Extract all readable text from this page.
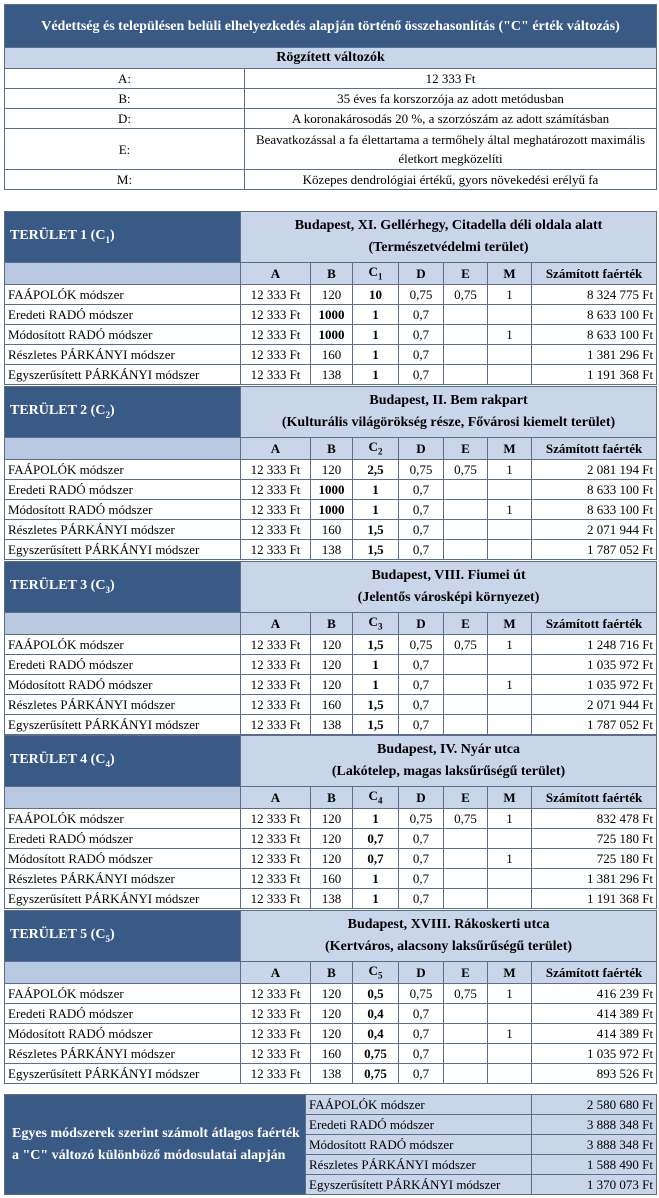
Védettség és településen belüli elhelyezkedés alapján történő összehasonlítás ("C" érték változás)	
Rögzített változók	
A:	12 333 Ft
B:	35 éves fa korszorzója az adott metódusban
D:	A koronakárosodás 20 %, a szorzószám az adott számításban
E:	Beavatkozással a fa élettartama a termőhely által meghatározott maximális életkort megközelíti
M:	Közepes dendrológiai értékű, gyors növekedési erélyű fa
TERÜLET 1 $(C_1)$	Budapest, XI. Gellérhegy, Citadella déli oldala alatt
(Természetvédelmi terület)						

	A	B	$C_1$	D	E	M	Számított faérték
FAÁPOLÓK módszer	12 333 Ft	120	10	0,75	0,75	1	8 324 775 Ft
Eredeti RADÓ módszer	12 333 Ft	1000	1	0,7			8 633 100 Ft
Módosított RADÓ módszer	12 333 Ft	1000	1	0,7		1	8 633 100 Ft
Részletes PÁRKÁNYI módszer	12 333 Ft	160	1	0,7			1 381 296 Ft
Egyszerűsített PÁRKÁNYI módszer	12 333 Ft	138	1	0,7			1 191 368 Ft
TERÜLET 2 $(C_2)$	Budapest, II. Bem rakpart
(Kulturális világörökség része, Fővárosi kiemelt terület)						

	A	B	$C_2$	D	E	M	Számított faérték
FAÁPOLÓK módszer	12 333 Ft	120	2,5	0,75	0,75	1	2 081 194 Ft
Eredeti RADÓ módszer	12 333 Ft	1000	1	0,7			8 633 100 Ft
Módosított RADÓ módszer	12 333 Ft	1000	1	0,7		1	8 633 100 Ft
Részletes PÁRKÁNYI módszer	12 333 Ft	160	1,5	0,7			2 071 944 Ft
Egyszerűsített PÁRKÁNYI módszer	12 333 Ft	138	1,5	0,7			1 787 052 Ft
TERÜLET 3 $(C_3)$	Budapest, VIII. Fiumei út
(Jelentős városképi környezet)						

	A	B	$C_3$	D	E	M	Számított faérték
FAÁPOLÓK módszer	12 333 Ft	120	1,5	0,75	0,75	1	1 248 716 Ft
Eredeti RADÓ módszer	12 333 Ft	120	1	0,7			1 035 972 Ft
Módosított RADÓ módszer	12 333 Ft	120	1	0,7		1	1 035 972 Ft
Részletes PÁRKÁNYI módszer	12 333 Ft	160	1,5	0,7			2 071 944 Ft
Egyszerűsített PÁRKÁNYI módszer	12 333 Ft	138	1,5	0,7			1 787 052 Ft
TERÜLET 4 $(C_4)$	Budapest, IV. Nyár utca
(Lakótelep, magas laksűrűségű terület)						

	A	B	$C_4$	D	E	M	Számított faérték
FAÁPOLÓK módszer	12 333 Ft	120	1	0,75	0,75	1	832 478 Ft
Eredeti RADÓ módszer	12 333 Ft	120	0,7	0,7			725 180 Ft
Módosított RADÓ módszer	12 333 Ft	120	0,7	0,7		1	725 180 Ft
Részletes PÁRKÁNYI módszer	12 333 Ft	160	1	0,7			1 381 296 Ft
Egyszerűsített PÁRKÁNYI módszer	12 333 Ft	138	1	0,7			1 191 368 Ft
TERÜLET 5 $(C_5)$	Budapest, XVIII. Rákoskerti utca
(Kertváros, alacsony laksűrűségű terület)						

	A	B	$C_5$	D	E	M	Számított faérték
FAÁPOLÓK módszer	12 333 Ft	120	0,5	0,75	0,75	1	416 239 Ft
Eredeti RADÓ módszer	12 333 Ft	120	0,4	0,7			414 389 Ft
Módosított RADÓ módszer	12 333 Ft	120	0,4	0,7		1	414 389 Ft
Részletes PÁRKÁNYI módszer	12 333 Ft	160	0,75	0,7			1 035 972 Ft
Egyszerűsített PÁRKÁNYI módszer	12 333 Ft	138	0,75	0,7			893 526 Ft
Egyes módszerek szerint számolt átlagos faérték a "C" változó különböző módosulatai alapján	FAÁPOLÓK módszer	2 580 680 Ft
	Eredeti RADÓ módszer	3 888 348 Ft
	Módosított RADÓ módszer	3 888 348 Ft
	Részletes PÁRKÁNYI módszer	1 588 490 Ft
	Egyszerűsített PÁRKÁNYI módszer	1 370 073 Ft
